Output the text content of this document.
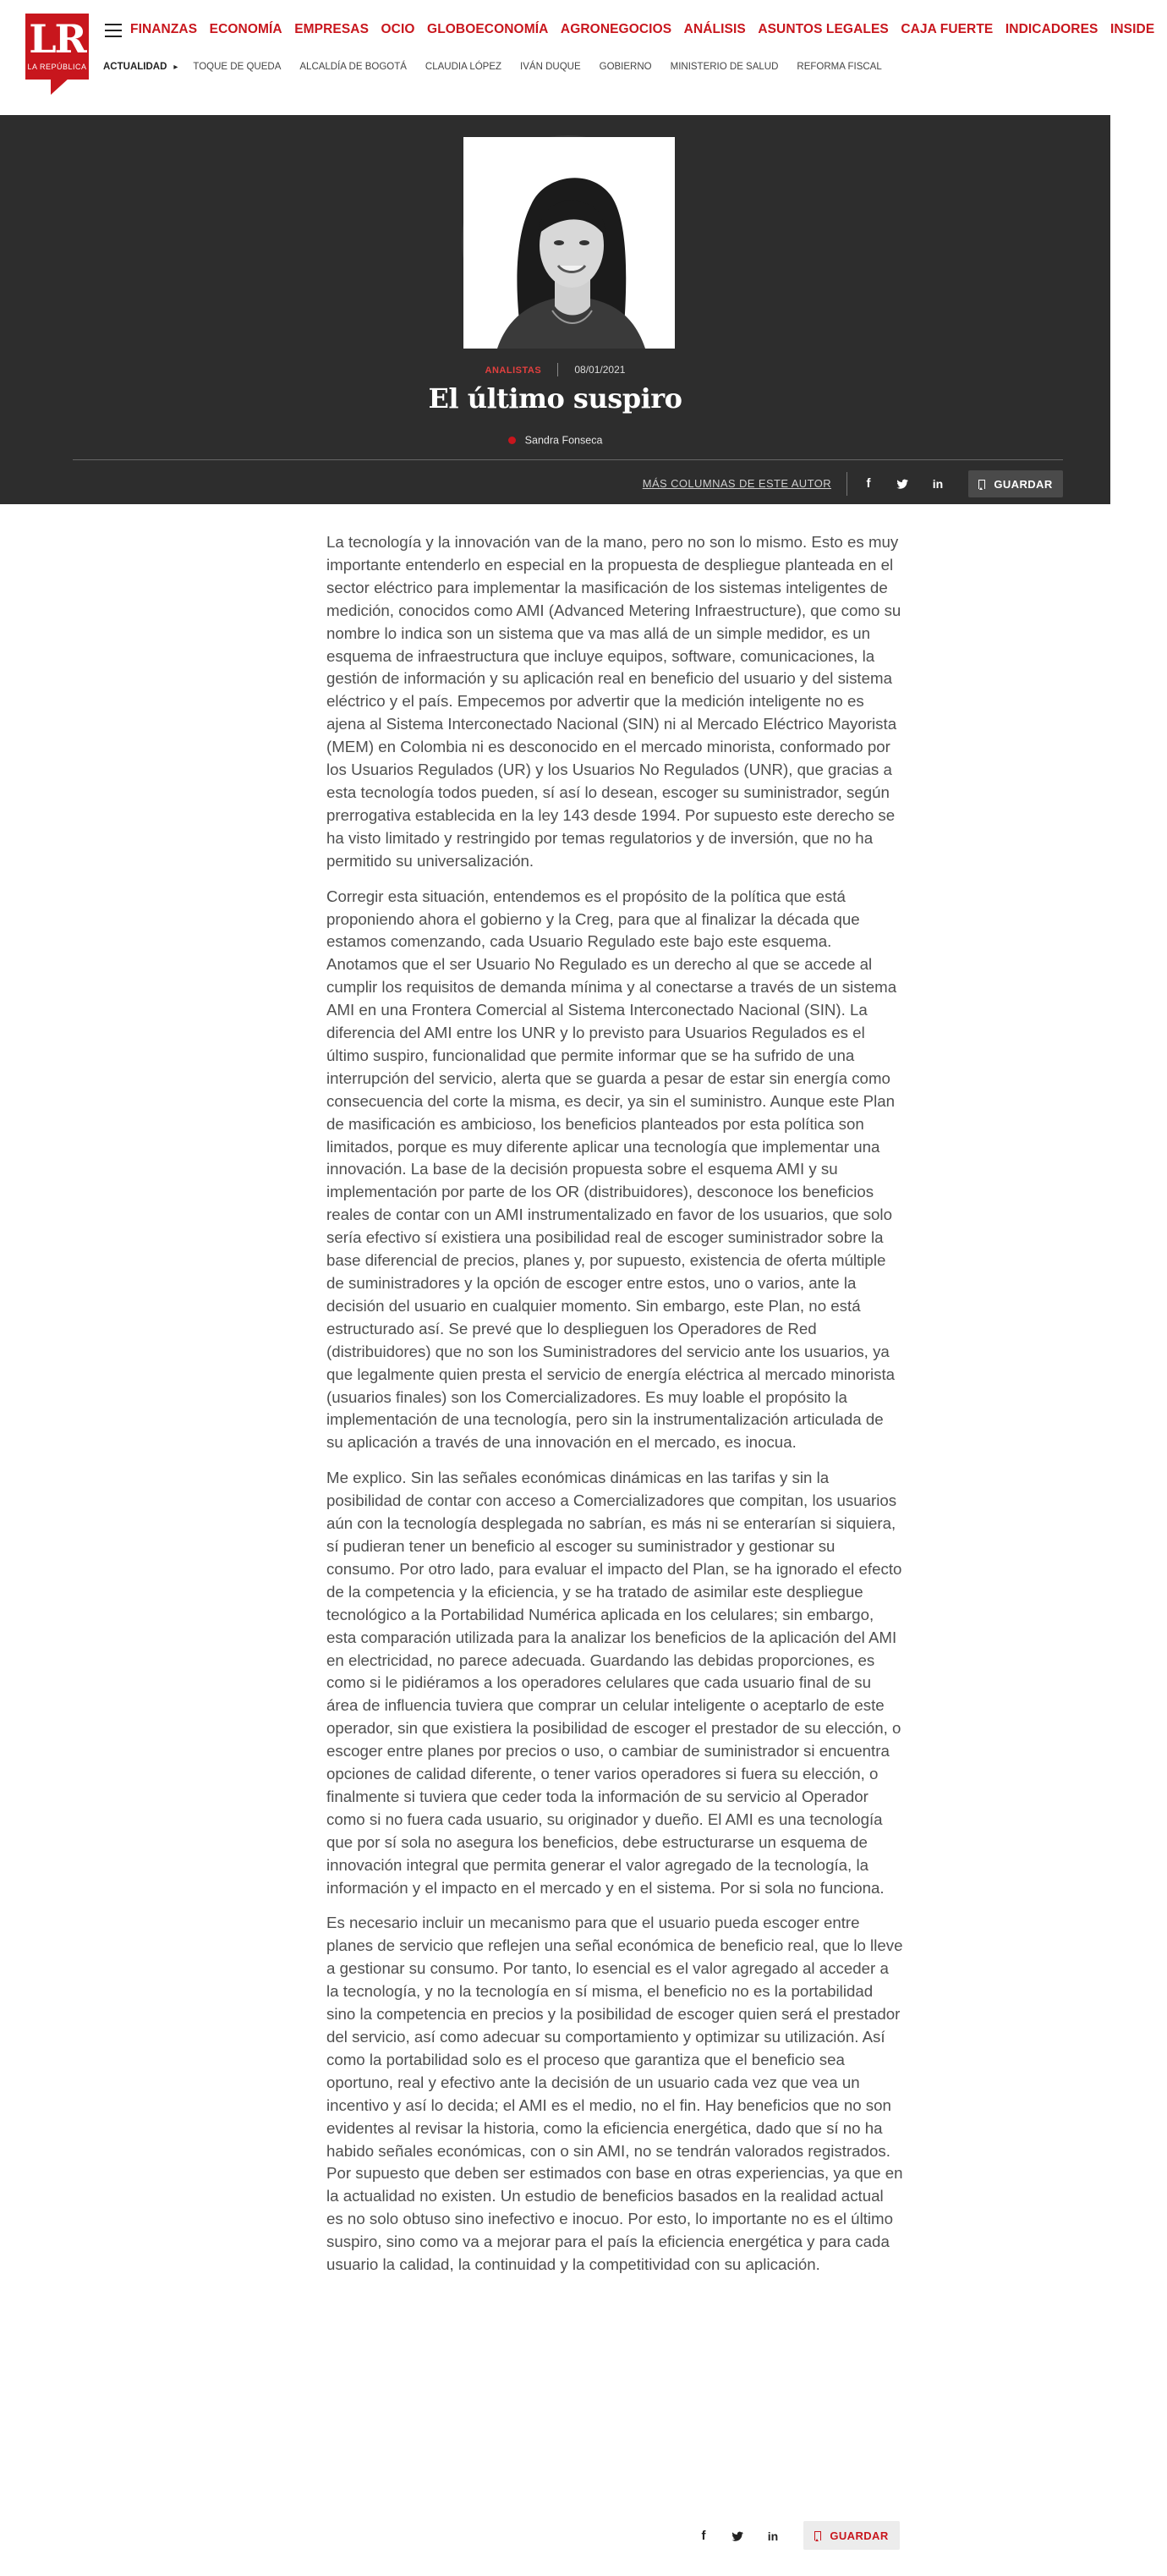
LR
LA REPÚBLICA
FINANZAS ECONOMÍA EMPRESAS OCIO GLOBOECONOMÍA AGRONEGOCIOS ANÁLISIS ASUNTOS LEGALES CAJA FUERTE INDICADORES INSIDE
ACTUALIDAD ▸ TOQUE DE QUEDA ALCALDÍA DE BOGOTÁ CLAUDIA LÓPEZ IVÁN DUQUE GOBIERNO MINISTERIO DE SALUD REFORMA FISCAL
ANALISTAS	08/01/2021
El último suspiro
Sandra Fonseca
MÁS COLUMNAS DE ESTE AUTOR	f	in	GUARDAR

La tecnología y la innovación van de la mano, pero no son lo mismo. Esto es muy importante entenderlo en especial en la propuesta de despliegue planteada en el sector eléctrico para implementar la masificación de los sistemas inteligentes de medición, conocidos como AMI (Advanced Metering Infraestructure), que como su nombre lo indica son un sistema que va mas allá de un simple medidor, es un esquema de infraestructura que incluye equipos, software, comunicaciones, la gestión de información y su aplicación real en beneficio del usuario y del sistema eléctrico y el país. Empecemos por advertir que la medición inteligente no es ajena al Sistema Interconectado Nacional (SIN) ni al Mercado Eléctrico Mayorista (MEM) en Colombia ni es desconocido en el mercado minorista, conformado por los Usuarios Regulados (UR) y los Usuarios No Regulados (UNR), que gracias a esta tecnología todos pueden, sí así lo desean, escoger su suministrador, según prerrogativa establecida en la ley 143 desde 1994. Por supuesto este derecho se ha visto limitado y restringido por temas regulatorios y de inversión, que no ha permitido su universalización.

Corregir esta situación, entendemos es el propósito de la política que está proponiendo ahora el gobierno y la Creg, para que al finalizar la década que estamos comenzando, cada Usuario Regulado este bajo este esquema. Anotamos que el ser Usuario No Regulado es un derecho al que se accede al cumplir los requisitos de demanda mínima y al conectarse a través de un sistema AMI en una Frontera Comercial al Sistema Interconectado Nacional (SIN). La diferencia del AMI entre los UNR y lo previsto para Usuarios Regulados es el último suspiro, funcionalidad que permite informar que se ha sufrido de una interrupción del servicio, alerta que se guarda a pesar de estar sin energía como consecuencia del corte la misma, es decir, ya sin el suministro. Aunque este Plan de masificación es ambicioso, los beneficios planteados por esta política son limitados, porque es muy diferente aplicar una tecnología que implementar una innovación. La base de la decisión propuesta sobre el esquema AMI y su implementación por parte de los OR (distribuidores), desconoce los beneficios reales de contar con un AMI instrumentalizado en favor de los usuarios, que solo sería efectivo sí existiera una posibilidad real de escoger suministrador sobre la base diferencial de precios, planes y, por supuesto, existencia de oferta múltiple de suministradores y la opción de escoger entre estos, uno o varios, ante la decisión del usuario en cualquier momento. Sin embargo, este Plan, no está estructurado así. Se prevé que lo desplieguen los Operadores de Red (distribuidores) que no son los Suministradores del servicio ante los usuarios, ya que legalmente quien presta el servicio de energía eléctrica al mercado minorista (usuarios finales) son los Comercializadores. Es muy loable el propósito la implementación de una tecnología, pero sin la instrumentalización articulada de su aplicación a través de una innovación en el mercado, es inocua.

Me explico. Sin las señales económicas dinámicas en las tarifas y sin la posibilidad de contar con acceso a Comercializadores que compitan, los usuarios aún con la tecnología desplegada no sabrían, es más ni se enterarían si siquiera, sí pudieran tener un beneficio al escoger su suministrador y gestionar su consumo. Por otro lado, para evaluar el impacto del Plan, se ha ignorado el efecto de la competencia y la eficiencia, y se ha tratado de asimilar este despliegue tecnológico a la Portabilidad Numérica aplicada en los celulares; sin embargo, esta comparación utilizada para la analizar los beneficios de la aplicación del AMI en electricidad, no parece adecuada. Guardando las debidas proporciones, es como si le pidiéramos a los operadores celulares que cada usuario final de su área de influencia tuviera que comprar un celular inteligente o aceptarlo de este operador, sin que existiera la posibilidad de escoger el prestador de su elección, o escoger entre planes por precios o uso, o cambiar de suministrador si encuentra opciones de calidad diferente, o tener varios operadores si fuera su elección, o finalmente si tuviera que ceder toda la información de su servicio al Operador como si no fuera cada usuario, su originador y dueño. El AMI es una tecnología que por sí sola no asegura los beneficios, debe estructurarse un esquema de innovación integral que permita generar el valor agregado de la tecnología, la información y el impacto en el mercado y en el sistema. Por si sola no funciona.

Es necesario incluir un mecanismo para que el usuario pueda escoger entre planes de servicio que reflejen una señal económica de beneficio real, que lo lleve a gestionar su consumo. Por tanto, lo esencial es el valor agregado al acceder a la tecnología, y no la tecnología en sí misma, el beneficio no es la portabilidad sino la competencia en precios y la posibilidad de escoger quien será el prestador del servicio, así como adecuar su comportamiento y optimizar su utilización. Así como la portabilidad solo es el proceso que garantiza que el beneficio sea oportuno, real y efectivo ante la decisión de un usuario cada vez que vea un incentivo y así lo decida; el AMI es el medio, no el fin. Hay beneficios que no son evidentes al revisar la historia, como la eficiencia energética, dado que sí no ha habido señales económicas, con o sin AMI, no se tendrán valorados registrados. Por supuesto que deben ser estimados con base en otras experiencias, ya que en la actualidad no existen. Un estudio de beneficios basados en la realidad actual es no solo obtuso sino inefectivo e inocuo. Por esto, lo importante no es el último suspiro, sino como va a mejorar para el país la eficiencia energética y para cada usuario la calidad, la continuidad y la competitividad con su aplicación.

f	in	GUARDAR
